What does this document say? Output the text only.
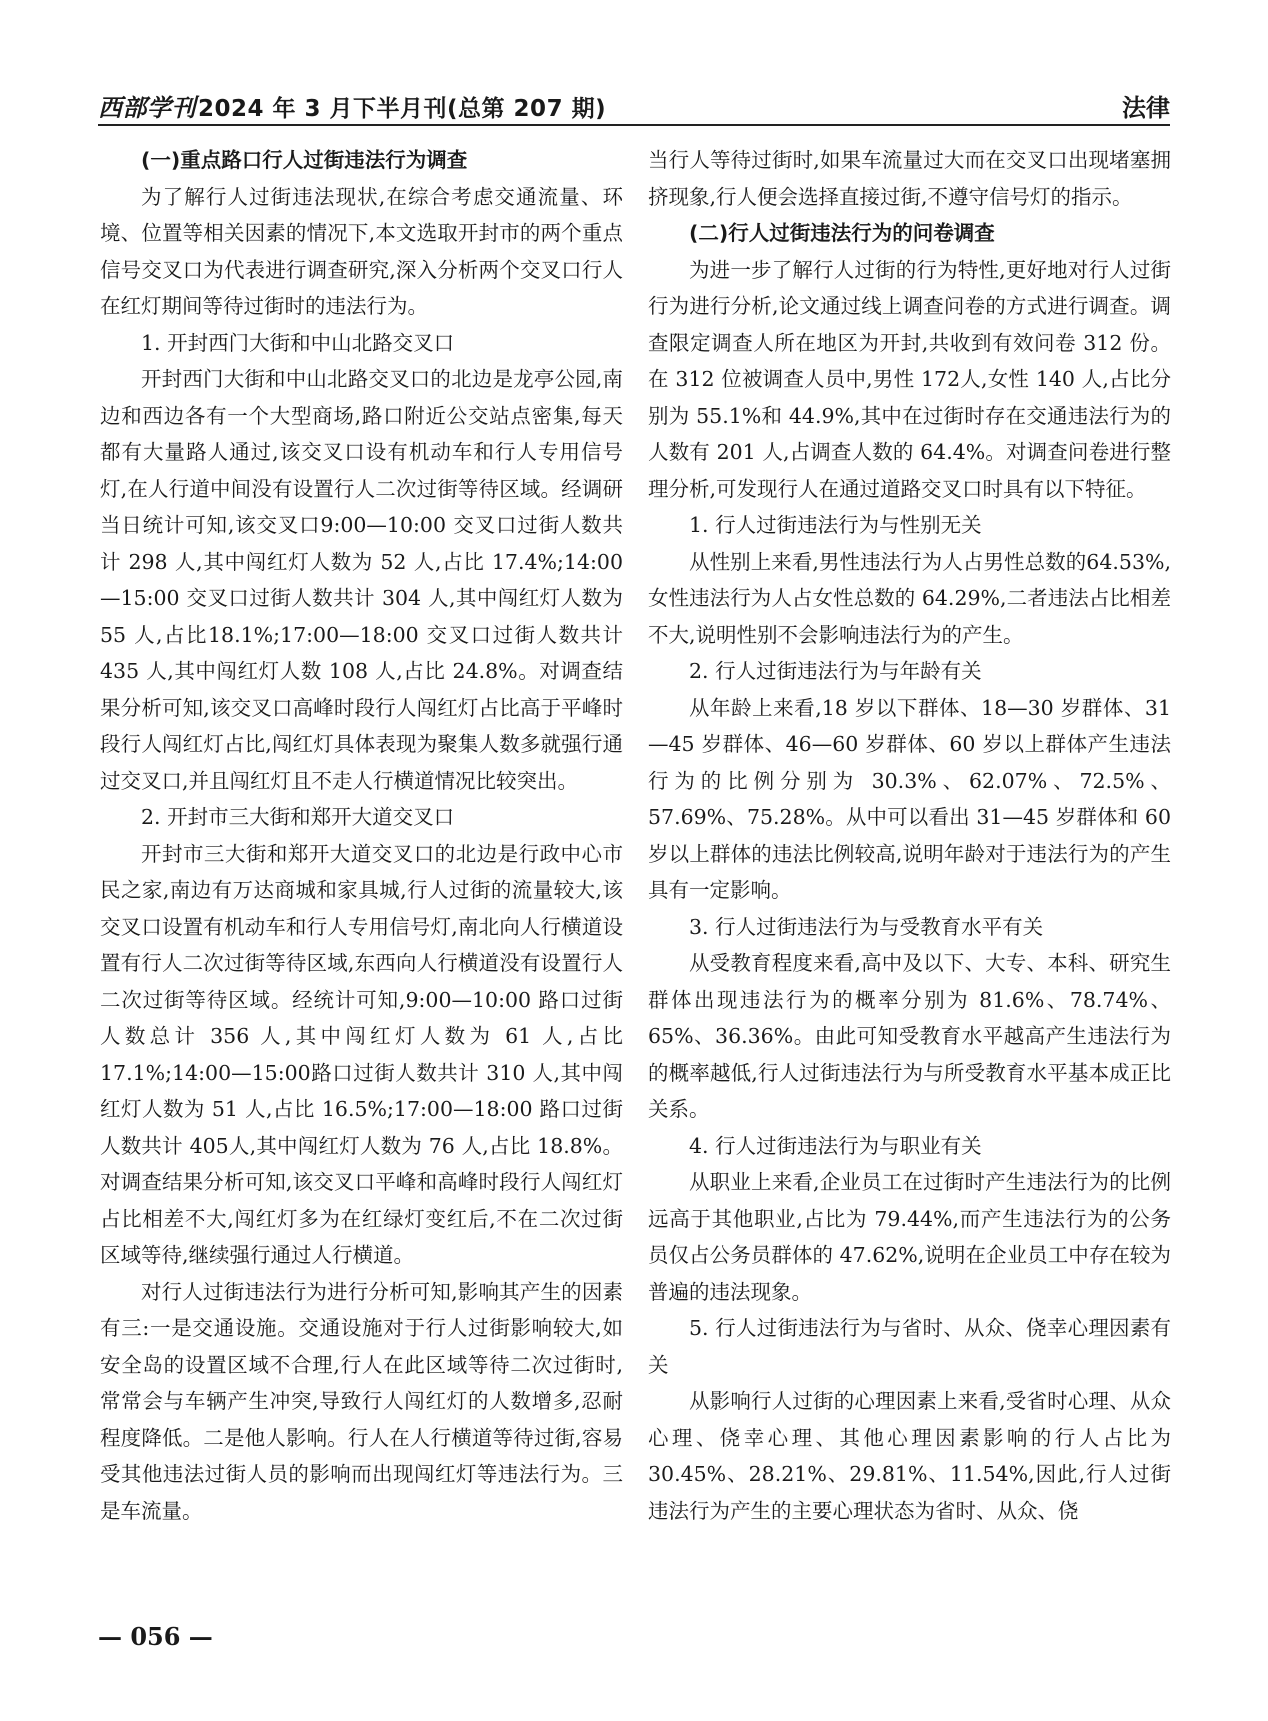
西部学刊2024 年 3 月下半月刊(总第 207 期)	法律

(一)重点路口行人过街违法行为调查

为了解行人过街违法现状,在综合考虑交通流量、环境、位置等相关因素的情况下,本文选取开封市的两个重点信号交叉口为代表进行调查研究,深入分析两个交叉口行人在红灯期间等待过街时的违法行为。

1. 开封西门大街和中山北路交叉口

开封西门大街和中山北路交叉口的北边是龙亭公园,南边和西边各有一个大型商场,路口附近公交站点密集,每天都有大量路人通过,该交叉口设有机动车和行人专用信号灯,在人行道中间没有设置行人二次过街等待区域。经调研当日统计可知,该交叉口9:00—10:00 交叉口过街人数共计 298 人,其中闯红灯人数为 52 人,占比 17.4%;14:00—15:00 交叉口过街人数共计 304 人,其中闯红灯人数为 55 人,占比18.1%;17:00—18:00 交叉口过街人数共计 435 人,其中闯红灯人数 108 人,占比 24.8%。对调查结果分析可知,该交叉口高峰时段行人闯红灯占比高于平峰时段行人闯红灯占比,闯红灯具体表现为聚集人数多就强行通过交叉口,并且闯红灯且不走人行横道情况比较突出。

2. 开封市三大街和郑开大道交叉口

开封市三大街和郑开大道交叉口的北边是行政中心市民之家,南边有万达商城和家具城,行人过街的流量较大,该交叉口设置有机动车和行人专用信号灯,南北向人行横道设置有行人二次过街等待区域,东西向人行横道没有设置行人二次过街等待区域。经统计可知,9:00—10:00 路口过街人数总计 356 人,其中闯红灯人数为 61 人,占比 17.1%;14:00—15:00路口过街人数共计 310 人,其中闯红灯人数为 51 人,占比 16.5%;17:00—18:00 路口过街人数共计 405人,其中闯红灯人数为 76 人,占比 18.8%。对调查结果分析可知,该交叉口平峰和高峰时段行人闯红灯占比相差不大,闯红灯多为在红绿灯变红后,不在二次过街区域等待,继续强行通过人行横道。

对行人过街违法行为进行分析可知,影响其产生的因素有三:一是交通设施。交通设施对于行人过街影响较大,如安全岛的设置区域不合理,行人在此区域等待二次过街时,常常会与车辆产生冲突,导致行人闯红灯的人数增多,忍耐程度降低。二是他人影响。行人在人行横道等待过街,容易受其他违法过街人员的影响而出现闯红灯等违法行为。三是车流量。

当行人等待过街时,如果车流量过大而在交叉口出现堵塞拥挤现象,行人便会选择直接过街,不遵守信号灯的指示。

(二)行人过街违法行为的问卷调查

为进一步了解行人过街的行为特性,更好地对行人过街行为进行分析,论文通过线上调查问卷的方式进行调查。调查限定调查人所在地区为开封,共收到有效问卷 312 份。在 312 位被调查人员中,男性 172人,女性 140 人,占比分别为 55.1%和 44.9%,其中在过街时存在交通违法行为的人数有 201 人,占调查人数的 64.4%。对调查问卷进行整理分析,可发现行人在通过道路交叉口时具有以下特征。

1. 行人过街违法行为与性别无关

从性别上来看,男性违法行为人占男性总数的64.53%,女性违法行为人占女性总数的 64.29%,二者违法占比相差不大,说明性别不会影响违法行为的产生。

2. 行人过街违法行为与年龄有关

从年龄上来看,18 岁以下群体、18—30 岁群体、31—45 岁群体、46—60 岁群体、60 岁以上群体产生违法行为的比例分别为 30.3%、62.07%、72.5%、57.69%、75.28%。从中可以看出 31—45 岁群体和 60岁以上群体的违法比例较高,说明年龄对于违法行为的产生具有一定影响。

3. 行人过街违法行为与受教育水平有关

从受教育程度来看,高中及以下、大专、本科、研究生群体出现违法行为的概率分别为 81.6%、78.74%、65%、36.36%。由此可知受教育水平越高产生违法行为的概率越低,行人过街违法行为与所受教育水平基本成正比关系。

4. 行人过街违法行为与职业有关

从职业上来看,企业员工在过街时产生违法行为的比例远高于其他职业,占比为 79.44%,而产生违法行为的公务员仅占公务员群体的 47.62%,说明在企业员工中存在较为普遍的违法现象。

5. 行人过街违法行为与省时、从众、侥幸心理因素有关

从影响行人过街的心理因素上来看,受省时心理、从众心理、侥幸心理、其他心理因素影响的行人占比为 30.45%、28.21%、29.81%、11.54%,因此,行人过街违法行为产生的主要心理状态为省时、从众、侥

— 056 —
